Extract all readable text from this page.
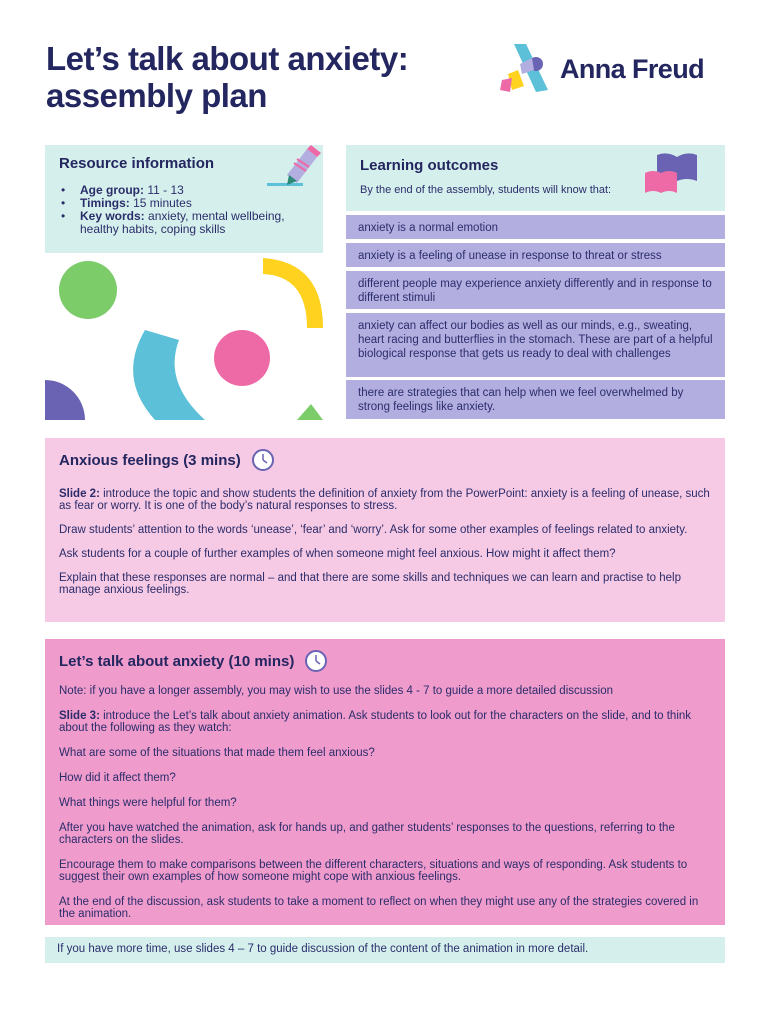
Let’s talk about anxiety:
assembly plan
Anna Freud
Resource information
• Age group: 11 - 13
• Timings: 15 minutes
• Key words: anxiety, mental wellbeing, healthy habits, coping skills
Learning outcomes
By the end of the assembly, students will know that:
anxiety is a normal emotion
anxiety is a feeling of unease in response to threat or stress
different people may experience anxiety differently and in response to different stimuli
anxiety can affect our bodies as well as our minds, e.g., sweating, heart racing and butterflies in the stomach. These are part of a helpful biological response that gets us ready to deal with challenges
there are strategies that can help when we feel overwhelmed by strong feelings like anxiety.
Anxious feelings (3 mins)
Slide 2: introduce the topic and show students the definition of anxiety from the PowerPoint: anxiety is a feeling of unease, such as fear or worry. It is one of the body’s natural responses to stress.
Draw students’ attention to the words ‘unease’, ‘fear’ and ‘worry’. Ask for some other examples of feelings related to anxiety.
Ask students for a couple of further examples of when someone might feel anxious. How might it affect them?
Explain that these responses are normal – and that there are some skills and techniques we can learn and practise to help manage anxious feelings.
Let’s talk about anxiety (10 mins)
Note: if you have a longer assembly, you may wish to use the slides 4 - 7 to guide a more detailed discussion
Slide 3: introduce the Let’s talk about anxiety animation. Ask students to look out for the characters on the slide, and to think about the following as they watch:
What are some of the situations that made them feel anxious?
How did it affect them?
What things were helpful for them?
After you have watched the animation, ask for hands up, and gather students’ responses to the questions, referring to the characters on the slides.
Encourage them to make comparisons between the different characters, situations and ways of responding. Ask students to suggest their own examples of how someone might cope with anxious feelings.
At the end of the discussion, ask students to take a moment to reflect on when they might use any of the strategies covered in the animation.
If you have more time, use slides 4 – 7 to guide discussion of the content of the animation in more detail.
